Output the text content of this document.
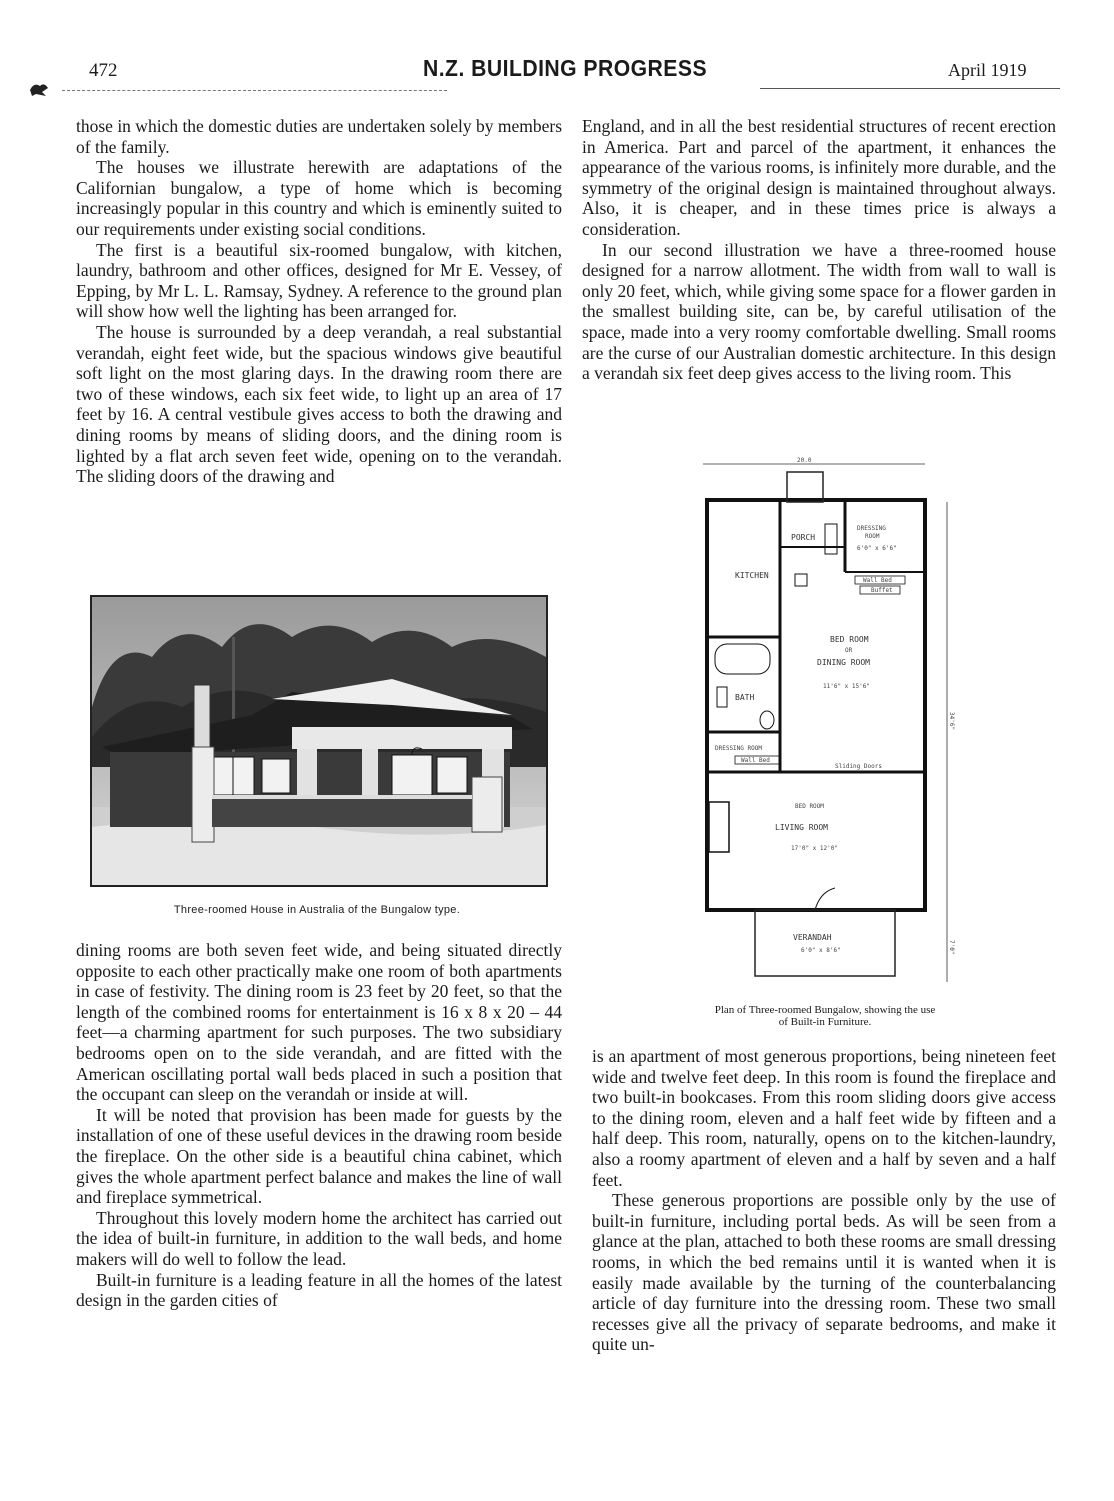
472	N.Z. BUILDING PROGRESS	April 1919

those in which the domestic duties are undertaken solely by members of the family.

The houses we illustrate herewith are adaptations of the Californian bungalow, a type of home which is becoming increasingly popular in this country and which is eminently suited to our requirements under existing social conditions.

The first is a beautiful six-roomed bungalow, with kitchen, laundry, bathroom and other offices, designed for Mr E. Vessey, of Epping, by Mr L. L. Ramsay, Sydney. A reference to the ground plan will show how well the lighting has been arranged for.

The house is surrounded by a deep verandah, a real substantial verandah, eight feet wide, but the spacious windows give beautiful soft light on the most glaring days. In the drawing room there are two of these windows, each six feet wide, to light up an area of 17 feet by 16. A central vestibule gives access to both the drawing and dining rooms by means of sliding doors, and the dining room is lighted by a flat arch seven feet wide, opening on to the verandah. The sliding doors of the drawing and

Three-roomed House in Australia of the Bungalow type.

dining rooms are both seven feet wide, and being situated directly opposite to each other practically make one room of both apartments in case of festivity. The dining room is 23 feet by 20 feet, so that the length of the combined rooms for entertainment is 16 x 8 x 20 – 44 feet—a charming apartment for such purposes. The two subsidiary bedrooms open on to the side verandah, and are fitted with the American oscillating portal wall beds placed in such a position that the occupant can sleep on the verandah or inside at will.

It will be noted that provision has been made for guests by the installation of one of these useful devices in the drawing room beside the fireplace. On the other side is a beautiful china cabinet, which gives the whole apartment perfect balance and makes the line of wall and fireplace symmetrical.

Throughout this lovely modern home the architect has carried out the idea of built-in furniture, in addition to the wall beds, and home makers will do well to follow the lead.

Built-in furniture is a leading feature in all the homes of the latest design in the garden cities of

England, and in all the best residential structures of recent erection in America. Part and parcel of the apartment, it enhances the appearance of the various rooms, is infinitely more durable, and the symmetry of the original design is maintained throughout always. Also, it is cheaper, and in these times price is always a consideration.

In our second illustration we have a three-roomed house designed for a narrow allotment. The width from wall to wall is only 20 feet, which, while giving some space for a flower garden in the smallest building site, can be, by careful utilisation of the space, made into a very roomy comfortable dwelling. Small rooms are the curse of our Australian domestic architecture. In this design a verandah six feet deep gives access to the living room. This

20.0
34'6"
7'0"
PORCH
DRESSING
ROOM
6'0" x 6'6"
Wall Bed
Buffet
KITCHEN
BATH
DRESSING ROOM
Wall Bed
BED ROOM
OR
DINING ROOM
11'6" x 15'6"
Sliding Doors
BED ROOM
LIVING ROOM
17'0" x 12'0"
VERANDAH
6'0" x 8'6"
Plan of Three-roomed Bungalow, showing the use
of Built-in Furniture.

is an apartment of most generous proportions, being nineteen feet wide and twelve feet deep. In this room is found the fireplace and two built-in bookcases. From this room sliding doors give access to the dining room, eleven and a half feet wide by fifteen and a half deep. This room, naturally, opens on to the kitchen-laundry, also a roomy apartment of eleven and a half by seven and a half feet.

These generous proportions are possible only by the use of built-in furniture, including portal beds. As will be seen from a glance at the plan, attached to both these rooms are small dressing rooms, in which the bed remains until it is wanted when it is easily made available by the turning of the counterbalancing article of day furniture into the dressing room. These two small recesses give all the privacy of separate bedrooms, and make it quite un-
